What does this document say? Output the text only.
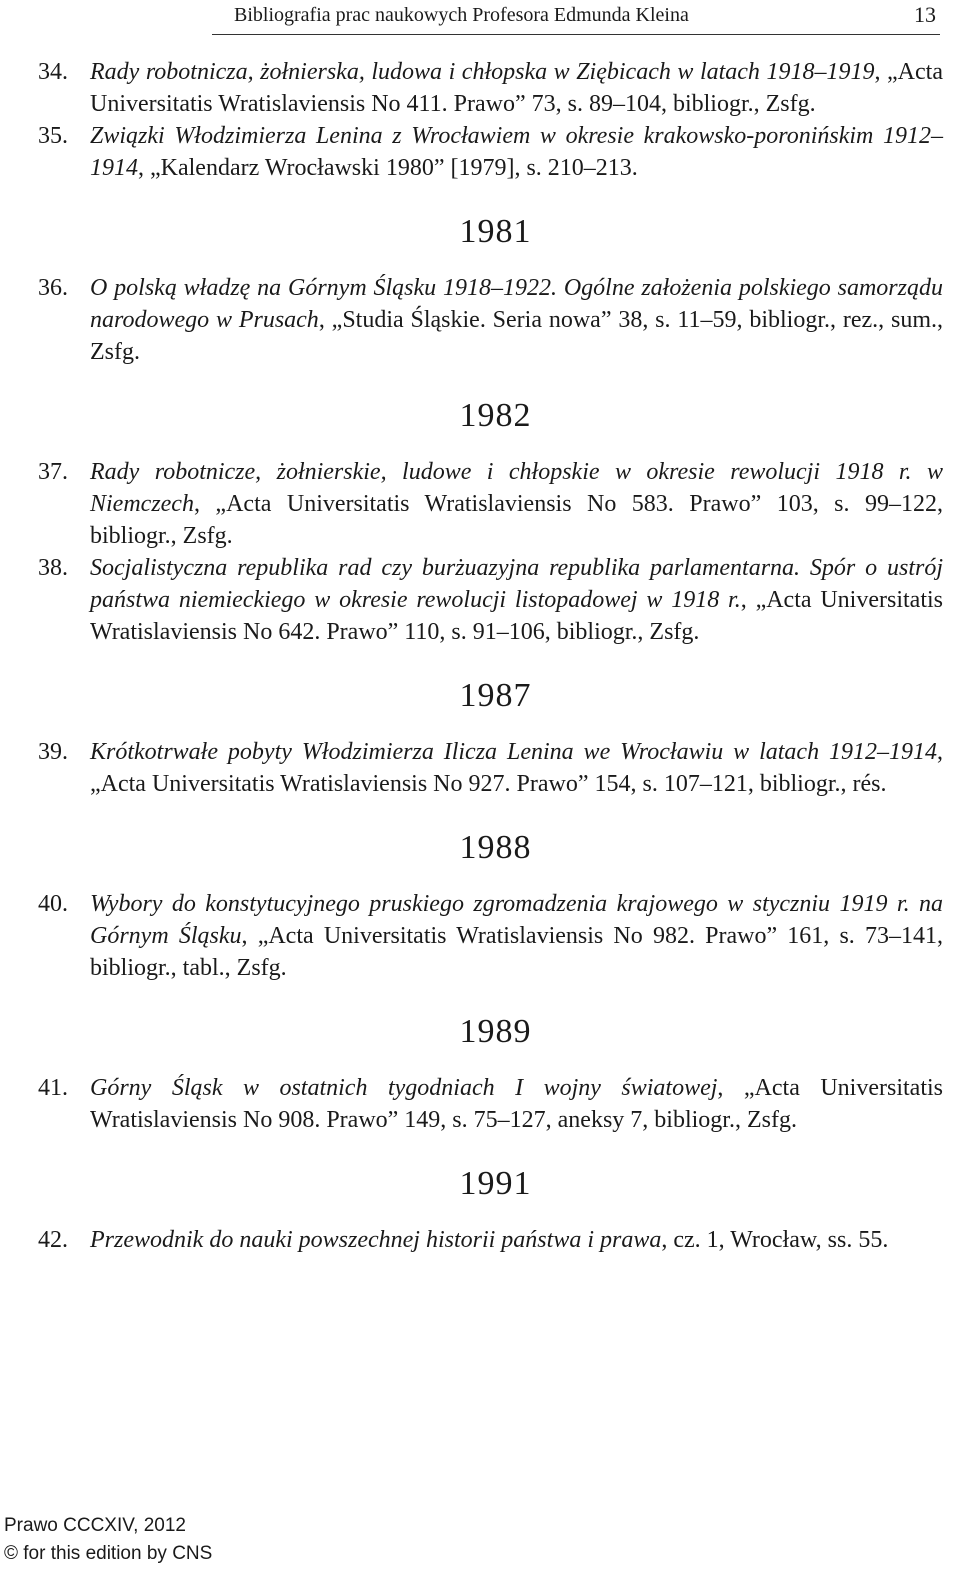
Bibliografia prac naukowych Profesora Edmunda Kleina	13

34. Rady robotnicza, żołnierska, ludowa i chłopska w Ziębicach w latach 1918–1919, „Acta Universitatis Wratislaviensis No 411. Prawo” 73, s. 89–104, bibliogr., Zsfg.

35. Związki Włodzimierza Lenina z Wrocławiem w okresie krakowsko-poronińskim 1912–1914, „Kalendarz Wrocławski 1980” [1979], s. 210–213.

1981

36. O polską władzę na Górnym Śląsku 1918–1922. Ogólne założenia polskiego samorządu narodowego w Prusach, „Studia Śląskie. Seria nowa” 38, s. 11–59, bibliogr., rez., sum., Zsfg.

1982

37. Rady robotnicze, żołnierskie, ludowe i chłopskie w okresie rewolucji 1918 r. w Niemczech, „Acta Universitatis Wratislaviensis No 583. Prawo” 103, s. 99–122, bibliogr., Zsfg.

38. Socjalistyczna republika rad czy burżuazyjna republika parlamentarna. Spór o ustrój państwa niemieckiego w okresie rewolucji listopadowej w 1918 r., „Acta Universitatis Wratislaviensis No 642. Prawo” 110, s. 91–106, bibliogr., Zsfg.

1987

39. Krótkotrwałe pobyty Włodzimierza Ilicza Lenina we Wrocławiu w latach 1912–1914, „Acta Universitatis Wratislaviensis No 927. Prawo” 154, s. 107–121, bibliogr., rés.

1988

40. Wybory do konstytucyjnego pruskiego zgromadzenia krajowego w styczniu 1919 r. na Górnym Śląsku, „Acta Universitatis Wratislaviensis No 982. Prawo” 161, s. 73–141, bibliogr., tabl., Zsfg.

1989

41. Górny Śląsk w ostatnich tygodniach I wojny światowej, „Acta Universitatis Wratislaviensis No 908. Prawo” 149, s. 75–127, aneksy 7, bibliogr., Zsfg.

1991

42. Przewodnik do nauki powszechnej historii państwa i prawa, cz. 1, Wrocław, ss. 55.

Prawo CCCXIV, 2012
© for this edition by CNS
